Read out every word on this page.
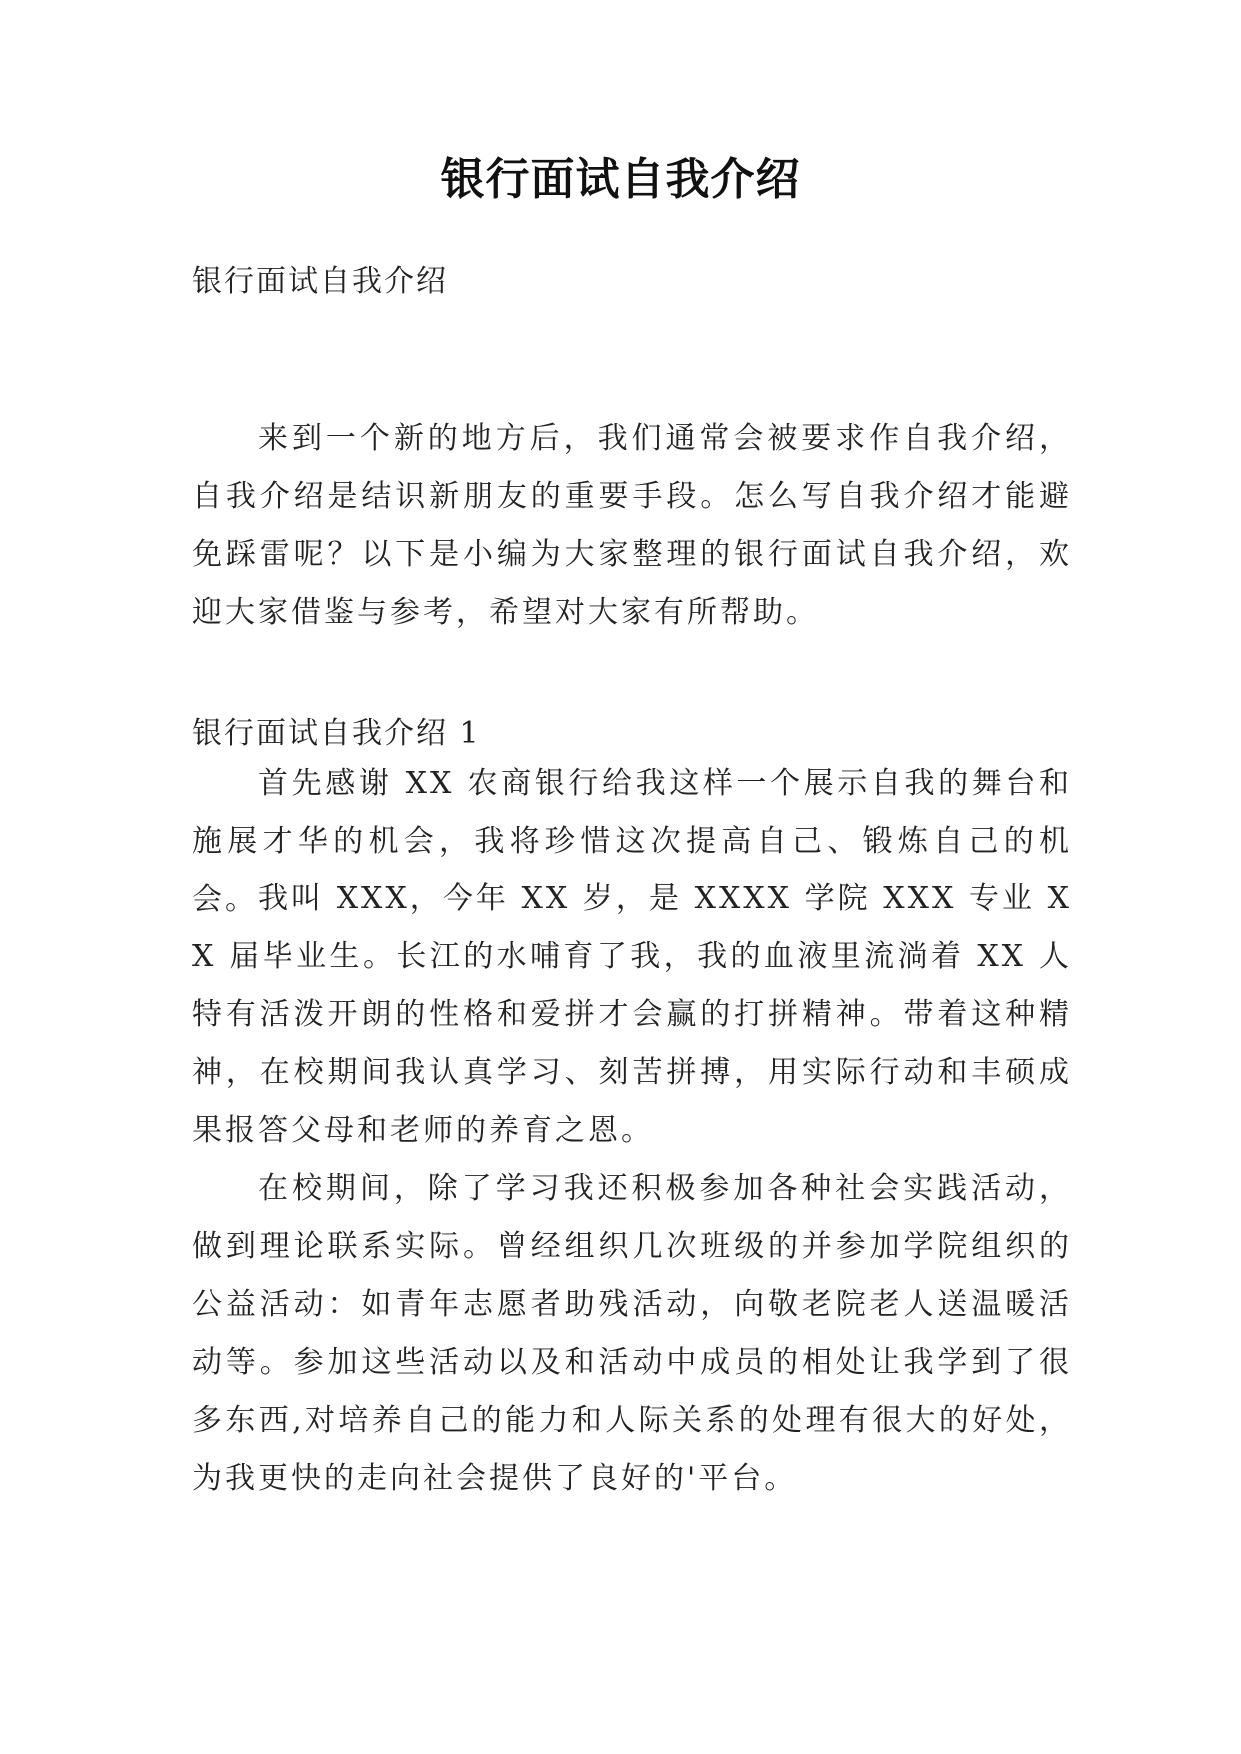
银行面试自我介绍
银行面试自我介绍
来到一个新的地方后，我们通常会被要求作自我介绍，自我介绍是结识新朋友的重要手段。怎么写自我介绍才能避免踩雷呢？以下是小编为大家整理的银行面试自我介绍，欢迎大家借鉴与参考，希望对大家有所帮助。
银行面试自我介绍 1
首先感谢 XX 农商银行给我这样一个展示自我的舞台和施展才华的机会，我将珍惜这次提高自己、锻炼自己的机会。 我叫 XXX，今年 XX 岁，是 XXXX 学院 XXX 专业 XX 届毕业生。长江的水哺育了我，我的血液里流淌着 XX 人特有活泼开朗的性格和爱拼才会赢的打拼精神。带着这种精神，在校期间我认真学习、刻苦拼搏，用实际行动和丰硕成果报答父母和老师的养育之恩。
在校期间，除了学习我还积极参加各种社会实践活动，做到理论联系实际。曾经组织几次班级的并参加学院组织的公益活动：如青年志愿者助残活动，向敬老院老人送温暖活动等。参加这些活动以及和活动中成员的相处让我学到了很多东西,对培养自己的能力和人际关系的处理有很大的好处，为我更快的走向社会提供了良好的'平台。
